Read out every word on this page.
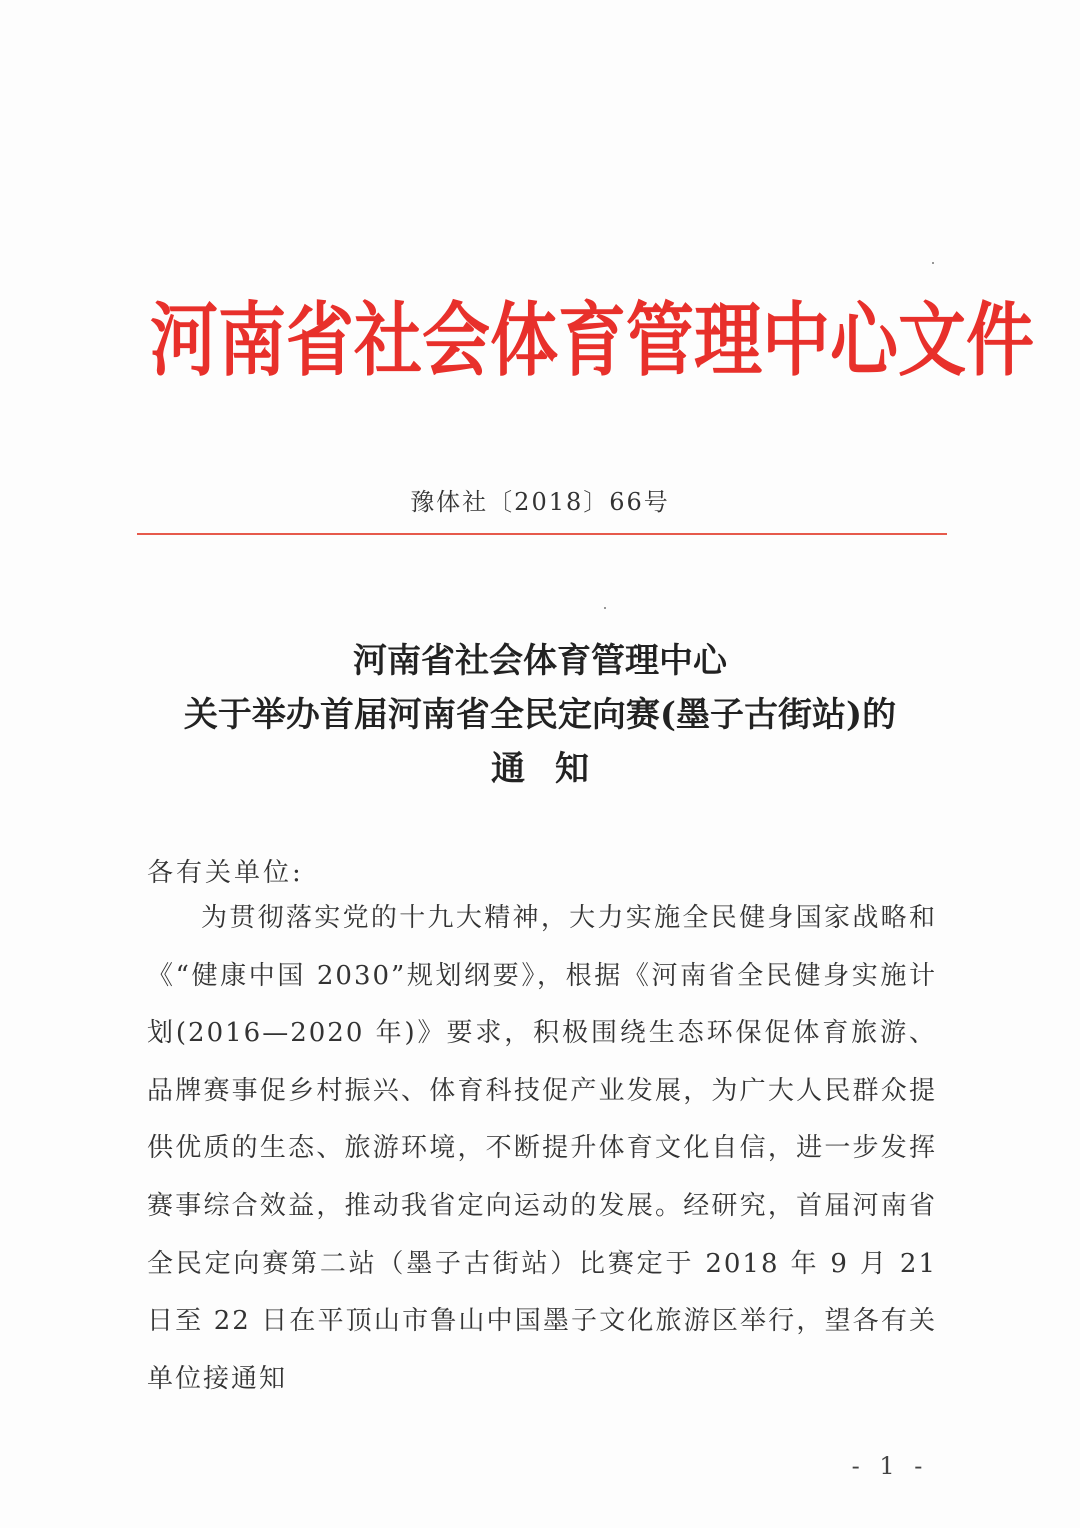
河南省社会体育管理中心文件
豫体社〔2018〕66号
河南省社会体育管理中心
关于举办首届河南省全民定向赛(墨子古街站)的
通知
各有关单位:

为贯彻落实党的十九大精神，大力实施全民健身国家战略和《“健康中国 2030”规划纲要》，根据《河南省全民健身实施计划(2016—2020 年)》要求，积极围绕生态环保促体育旅游、品牌赛事促乡村振兴、体育科技促产业发展，为广大人民群众提供优质的生态、旅游环境，不断提升体育文化自信，进一步发挥赛事综合效益，推动我省定向运动的发展。经研究，首届河南省全民定向赛第二站（墨子古街站）比赛定于 2018 年 9 月 21 日至 22 日在平顶山市鲁山中国墨子文化旅游区举行，望各有关单位接通知

- 1 -
